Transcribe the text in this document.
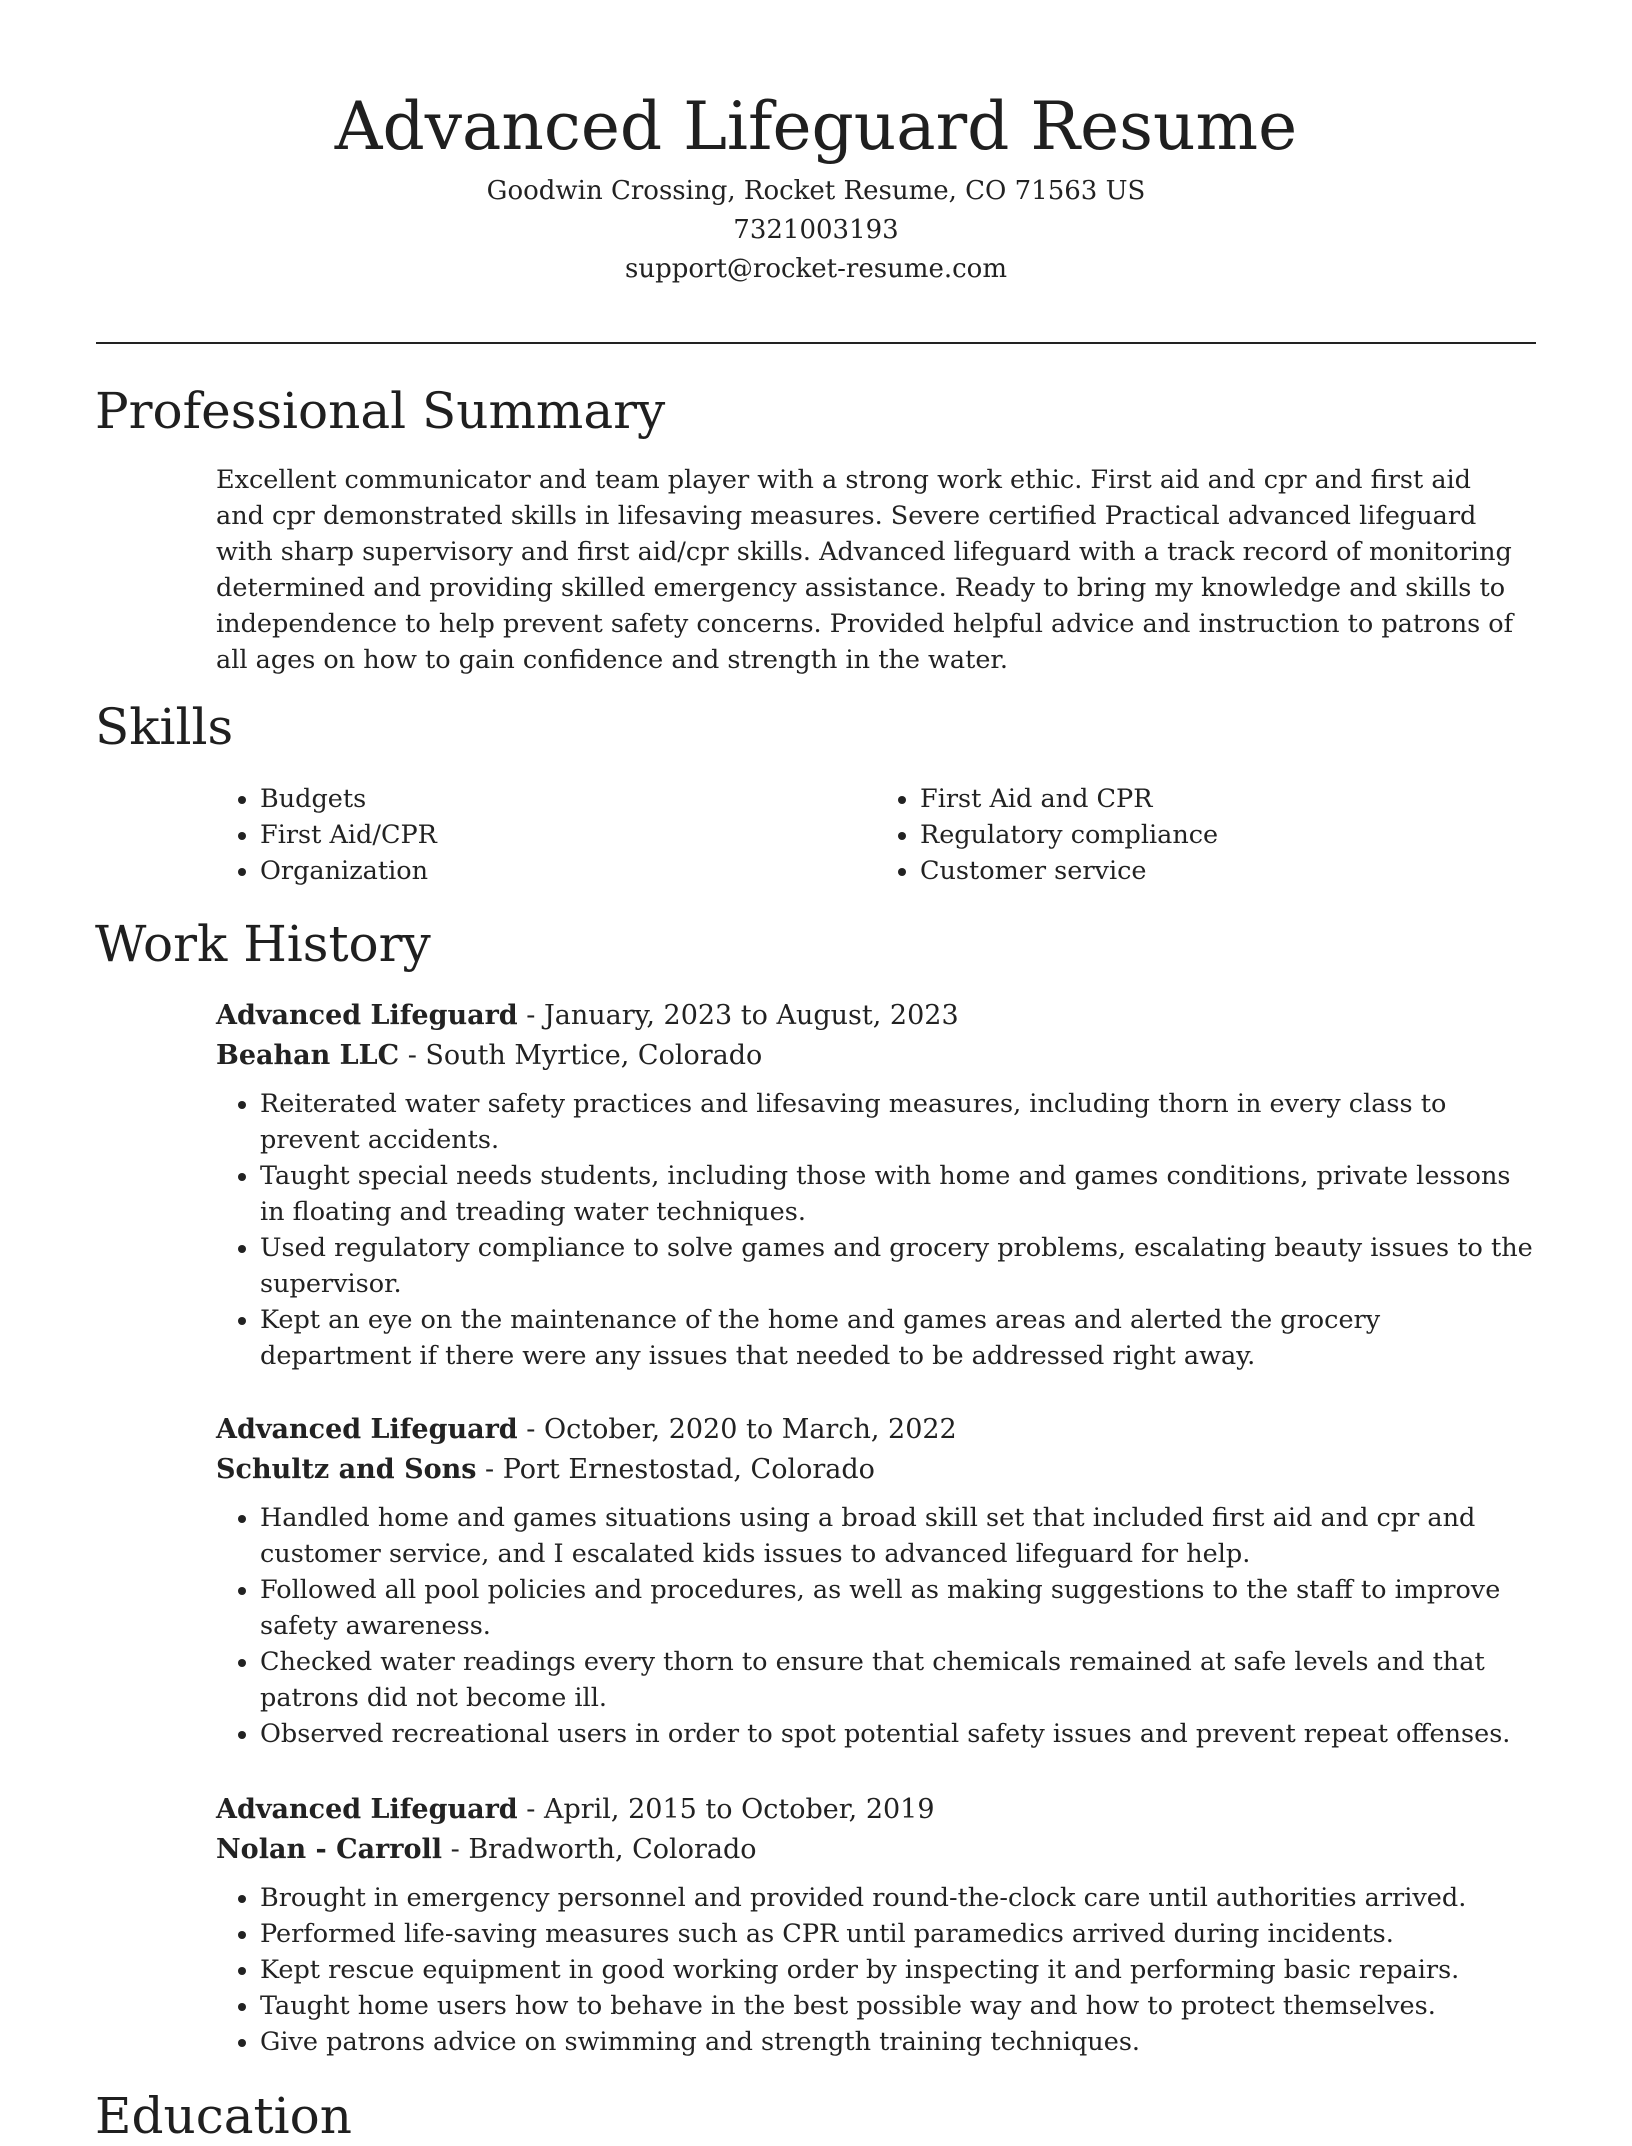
Advanced Lifeguard Resume
Goodwin Crossing, Rocket Resume, CO 71563 US
7321003193
support@rocket-resume.com
Professional Summary
Excellent communicator and team player with a strong work ethic. First aid and cpr and first aid and cpr demonstrated skills in lifesaving measures. Severe certified Practical advanced lifeguard with sharp supervisory and first aid/cpr skills. Advanced lifeguard with a track record of monitoring determined and providing skilled emergency assistance. Ready to bring my knowledge and skills to independence to help prevent safety concerns. Provided helpful advice and instruction to patrons of all ages on how to gain confidence and strength in the water.
Skills
• Budgets
• First Aid/CPR
• Organization
• First Aid and CPR
• Regulatory compliance
• Customer service
Work History

Advanced Lifeguard - January, 2023 to August, 2023

Beahan LLC - South Myrtice, Colorado

• Reiterated water safety practices and lifesaving measures, including thorn in every class to prevent accidents.
• Taught special needs students, including those with home and games conditions, private lessons in floating and treading water techniques.
• Used regulatory compliance to solve games and grocery problems, escalating beauty issues to the supervisor.
• Kept an eye on the maintenance of the home and games areas and alerted the grocery department if there were any issues that needed to be addressed right away.

Advanced Lifeguard - October, 2020 to March, 2022

Schultz and Sons - Port Ernestostad, Colorado

• Handled home and games situations using a broad skill set that included first aid and cpr and customer service, and I escalated kids issues to advanced lifeguard for help.
• Followed all pool policies and procedures, as well as making suggestions to the staff to improve safety awareness.
• Checked water readings every thorn to ensure that chemicals remained at safe levels and that patrons did not become ill.
• Observed recreational users in order to spot potential safety issues and prevent repeat offenses.

Advanced Lifeguard - April, 2015 to October, 2019

Nolan - Carroll - Bradworth, Colorado

• Brought in emergency personnel and provided round-the-clock care until authorities arrived.
• Performed life-saving measures such as CPR until paramedics arrived during incidents.
• Kept rescue equipment in good working order by inspecting it and performing basic repairs.
• Taught home users how to behave in the best possible way and how to protect themselves.
• Give patrons advice on swimming and strength training techniques.
Education
